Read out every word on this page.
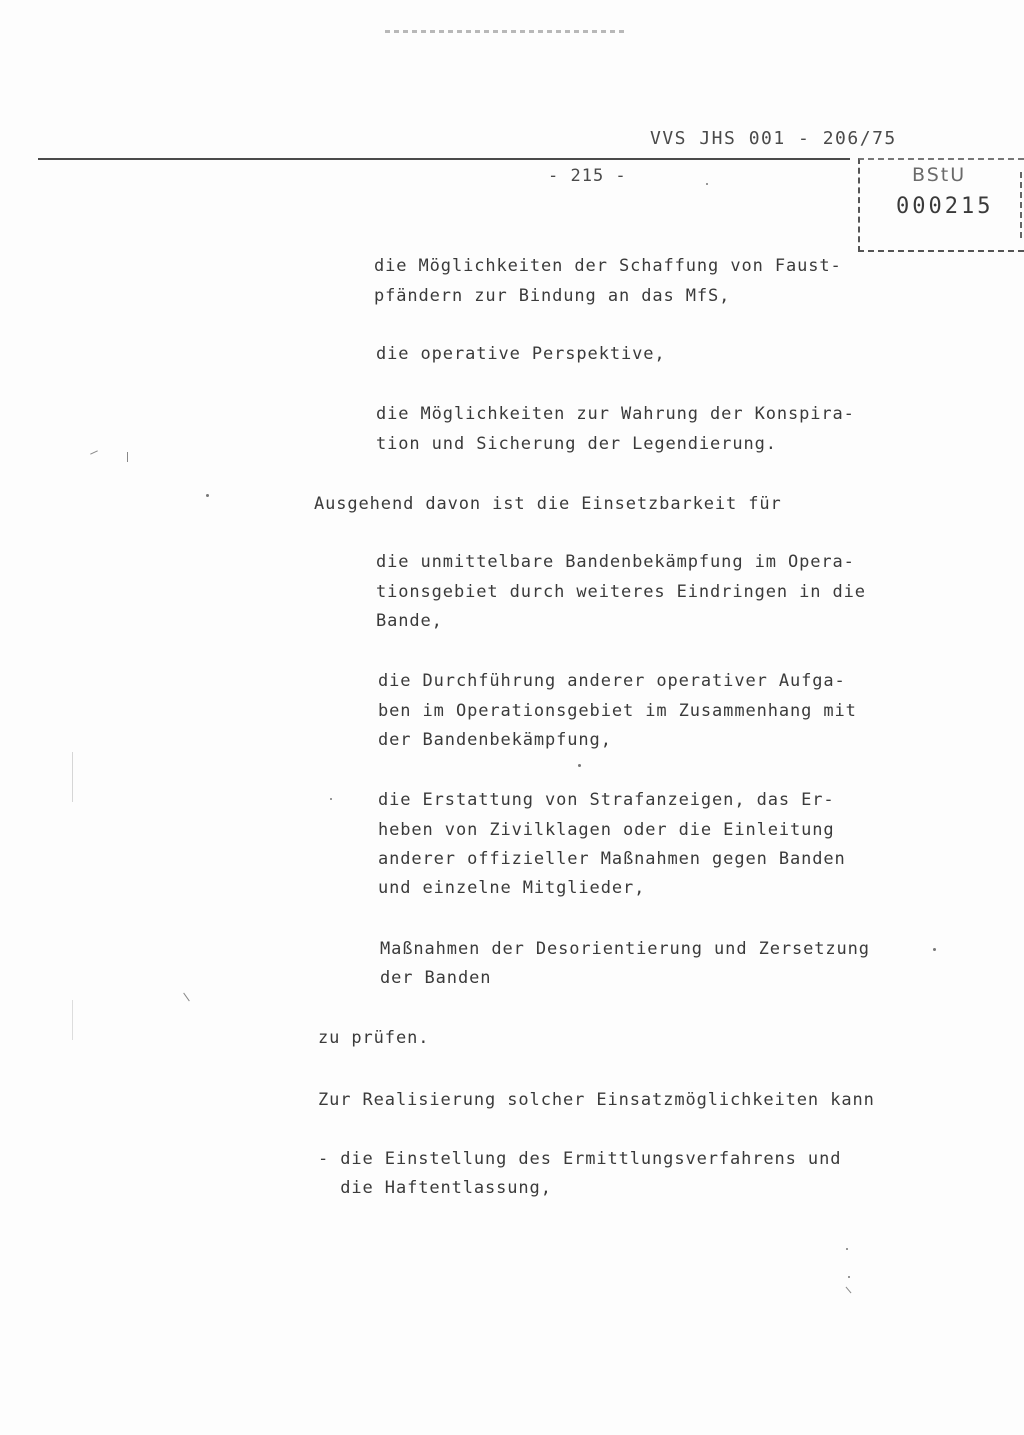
VVS JHS 001 - 206/75
- 215 -	BStU
000215
die Möglichkeiten der Schaffung von Faust-
pfändern zur Bindung an das MfS,
die operative Perspektive,
die Möglichkeiten zur Wahrung der Konspira-
tion und Sicherung der Legendierung.
Ausgehend davon ist die Einsetzbarkeit für
die unmittelbare Bandenbekämpfung im Opera-
tionsgebiet durch weiteres Eindringen in die
Bande,
die Durchführung anderer operativer Aufga-
ben im Operationsgebiet im Zusammenhang mit
der Bandenbekämpfung,
die Erstattung von Strafanzeigen, das Er-
heben von Zivilklagen oder die Einleitung
anderer offizieller Maßnahmen gegen Banden
und einzelne Mitglieder,
Maßnahmen der Desorientierung und Zersetzung
der Banden
zu prüfen.
Zur Realisierung solcher Einsatzmöglichkeiten kann
- die Einstellung des Ermittlungsverfahrens und
die Haftentlassung,
